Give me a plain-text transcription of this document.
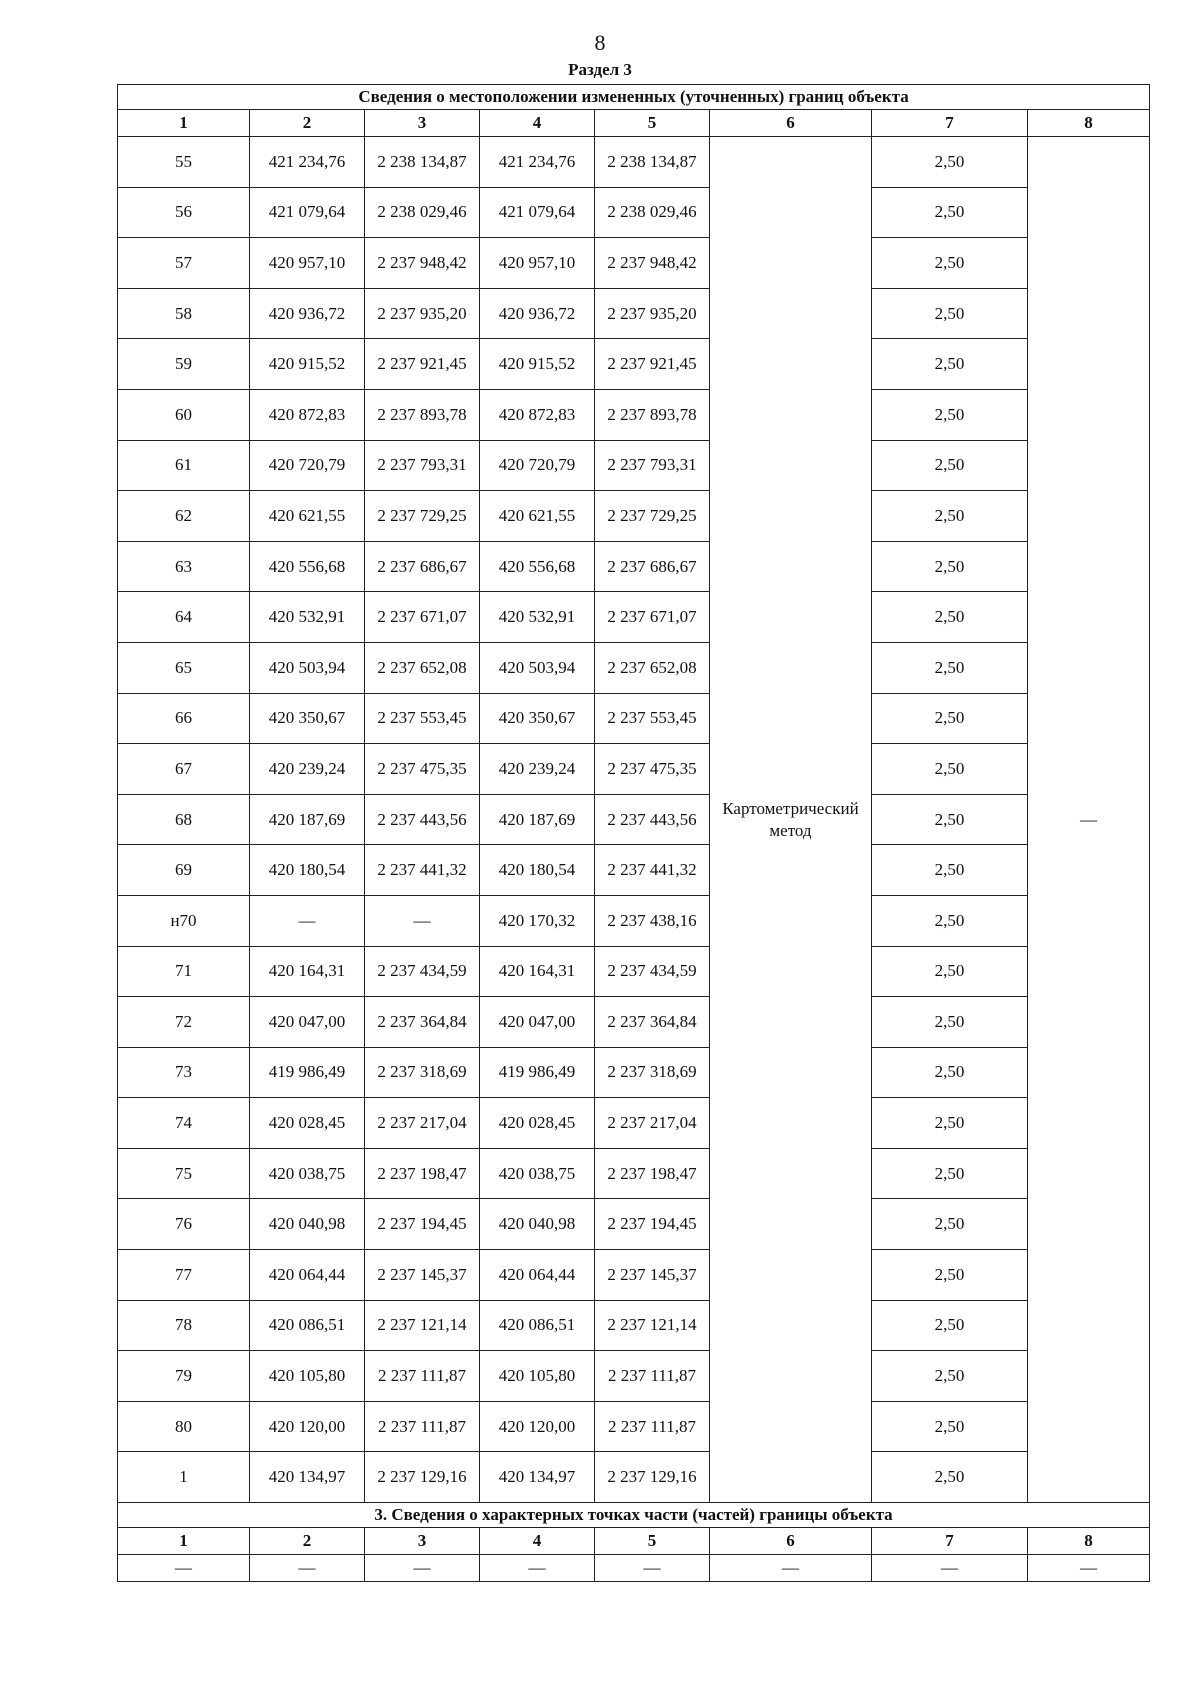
8
Раздел 3
Сведения о местоположении измененных (уточненных) границ объекта							
1	2	3	4	5	6	7	8
55	421 234,76	2 238 134,87	421 234,76	2 238 134,87	Картометрический метод	2,50	—
56	421 079,64	2 238 029,46	421 079,64	2 238 029,46		2,50	
57	420 957,10	2 237 948,42	420 957,10	2 237 948,42		2,50	
58	420 936,72	2 237 935,20	420 936,72	2 237 935,20		2,50	
59	420 915,52	2 237 921,45	420 915,52	2 237 921,45		2,50	
60	420 872,83	2 237 893,78	420 872,83	2 237 893,78		2,50	
61	420 720,79	2 237 793,31	420 720,79	2 237 793,31		2,50	
62	420 621,55	2 237 729,25	420 621,55	2 237 729,25		2,50	
63	420 556,68	2 237 686,67	420 556,68	2 237 686,67		2,50	
64	420 532,91	2 237 671,07	420 532,91	2 237 671,07		2,50	
65	420 503,94	2 237 652,08	420 503,94	2 237 652,08		2,50	
66	420 350,67	2 237 553,45	420 350,67	2 237 553,45		2,50	
67	420 239,24	2 237 475,35	420 239,24	2 237 475,35		2,50	
68	420 187,69	2 237 443,56	420 187,69	2 237 443,56		2,50	
69	420 180,54	2 237 441,32	420 180,54	2 237 441,32		2,50	
н70	—	—	420 170,32	2 237 438,16		2,50	
71	420 164,31	2 237 434,59	420 164,31	2 237 434,59		2,50	
72	420 047,00	2 237 364,84	420 047,00	2 237 364,84		2,50	
73	419 986,49	2 237 318,69	419 986,49	2 237 318,69		2,50	
74	420 028,45	2 237 217,04	420 028,45	2 237 217,04		2,50	
75	420 038,75	2 237 198,47	420 038,75	2 237 198,47		2,50	
76	420 040,98	2 237 194,45	420 040,98	2 237 194,45		2,50	
77	420 064,44	2 237 145,37	420 064,44	2 237 145,37		2,50	
78	420 086,51	2 237 121,14	420 086,51	2 237 121,14		2,50	
79	420 105,80	2 237 111,87	420 105,80	2 237 111,87		2,50	
80	420 120,00	2 237 111,87	420 120,00	2 237 111,87		2,50	
1	420 134,97	2 237 129,16	420 134,97	2 237 129,16		2,50	
3. Сведения о характерных точках части (частей) границы объекта							
1	2	3	4	5	6	7	8
—	—	—	—	—	—	—	—
